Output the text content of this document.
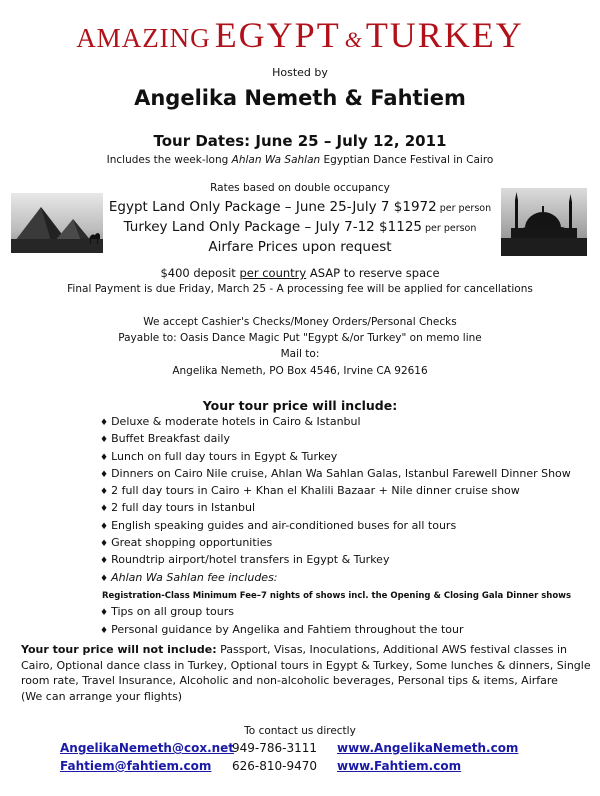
AMAZING EGYPT & TURKEY
Hosted by
Angelika Nemeth & Fahtiem
Tour Dates: June 25 – July 12, 2011
Includes the week-long Ahlan Wa Sahlan Egyptian Dance Festival in Cairo
Rates based on double occupancy
Egypt Land Only Package – June 25-July 7 $1972 per person
Turkey Land Only Package – July 7-12 $1125 per person
Airfare Prices upon request
$400 deposit per country ASAP to reserve space
Final Payment is due Friday, March 25 - A processing fee will be applied for cancellations
We accept Cashier's Checks/Money Orders/Personal Checks
Payable to: Oasis Dance Magic Put "Egypt &/or Turkey" on memo line
Mail to:
Angelika Nemeth, PO Box 4546, Irvine CA 92616
Your tour price will include:
♦ Deluxe & moderate hotels in Cairo & Istanbul
♦ Buffet Breakfast daily
♦ Lunch on full day tours in Egypt & Turkey
♦ Dinners on Cairo Nile cruise, Ahlan Wa Sahlan Galas, Istanbul Farewell Dinner Show
♦ 2 full day tours in Cairo + Khan el Khalili Bazaar + Nile dinner cruise show
♦ 2 full day tours in Istanbul
♦ English speaking guides and air-conditioned buses for all tours
♦ Great shopping opportunities
♦ Roundtrip airport/hotel transfers in Egypt & Turkey
♦ Ahlan Wa Sahlan fee includes:
Registration-Class Minimum Fee–7 nights of shows incl. the Opening & Closing Gala Dinner shows
♦ Tips on all group tours
♦ Personal guidance by Angelika and Fahtiem throughout the tour
Your tour price will not include: Passport, Visas, Inoculations, Additional AWS festival classes in Cairo, Optional dance class in Turkey, Optional tours in Egypt & Turkey, Some lunches & dinners, Single room rate, Travel Insurance, Alcoholic and non-alcoholic beverages, Personal tips & items, Airfare
(We can arrange your flights)
To contact us directly
AngelikaNemeth@cox.net
949-786-3111 www.AngelikaNemeth.com
Fahtiem@fahtiem.com 626-810-9470 www.Fahtiem.com
